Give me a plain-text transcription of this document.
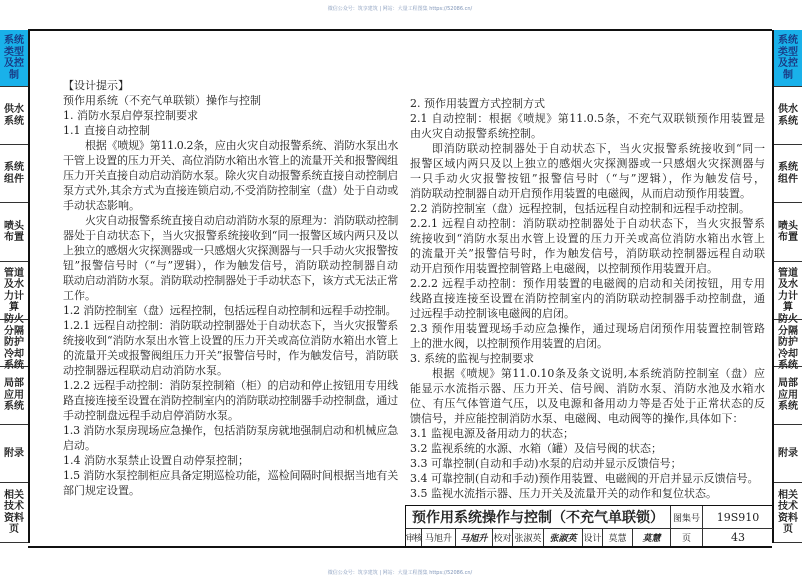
微信公众号：筑享建筑 | 网站：大量工程图集 https://52086.cn/
微信公众号：筑享建筑 | 网站：大量工程图集 https://52086.cn/
系统类型及控制
供水系统
系统组件
喷头布置
管道及水力计算
防火分隔防护冷却系统
局部应用系统
附录
相关技术资料页
系统类型及控制
供水系统
系统组件
喷头布置
管道及水力计算
防火分隔防护冷却系统
局部应用系统
附录
相关技术资料页
【设计提示】
预作用系统（不充气单联锁）操作与控制
1. 消防水泵启停泵控制要求
1.1 直接自动控制
根据《喷规》第11.0.2条，应由火灾自动报警系统、消防水泵出水
干管上设置的压力开关、高位消防水箱出水管上的流量开关和报警阀组
压力开关直接自动启动消防水泵。除火灾自动报警系统直接自动控制启
泵方式外,其余方式为直接连锁启动,不受消防控制室（盘）处于自动或
手动状态影响。
火灾自动报警系统直接自动启动消防水泵的原理为：消防联动控制
器处于自动状态下，当火灾报警系统接收到“同一报警区域内两只及以
上独立的感烟火灾探测器或一只感烟火灾探测器与一只手动火灾报警按
钮”报警信号时（“与”逻辑），作为触发信号，消防联动控制器自动
联动启动消防水泵。消防联动控制器处于手动状态下，该方式无法正常
工作。
1.2 消防控制室（盘）远程控制，包括远程自动控制和远程手动控制。
1.2.1 远程自动控制：消防联动控制器处于自动状态下，当火灾报警系
统接收到“消防水泵出水管上设置的压力开关或高位消防水箱出水管上
的流量开关或报警阀组压力开关”报警信号时，作为触发信号，消防联
动控制器远程联动启动消防水泵。
1.2.2 远程手动控制：消防泵控制箱（柜）的启动和停止按钮用专用线
路直接连接至设置在消防控制室内的消防联动控制器手动控制盘，通过
手动控制盘远程手动启停消防水泵。
1.3 消防水泵房现场应急操作，包括消防泵房就地强制启动和机械应急
启动。
1.4 消防水泵禁止设置自动停泵控制；
1.5 消防水泵控制柜应具备定期巡检功能，巡检间隔时间根据当地有关
部门规定设置。
2. 预作用装置方式控制方式
2.1 自动控制：根据《喷规》第11.0.5条，不充气双联锁预作用装置是
由火灾自动报警系统控制。
即消防联动控制器处于自动状态下，当火灾报警系统接收到“同一
报警区域内两只及以上独立的感烟火灾探测器或一只感烟火灾探测器与
一只手动火灾报警按钮”报警信号时（“与”逻辑），作为触发信号，
消防联动控制器自动开启预作用装置的电磁阀，从而启动预作用装置。
2.2 消防控制室（盘）远程控制，包括远程自动控制和远程手动控制。
2.2.1 远程自动控制：消防联动控制器处于自动状态下，当火灾报警系
统接收到“消防水泵出水管上设置的压力开关或高位消防水箱出水管上
的流量开关”报警信号时，作为触发信号，消防联动控制器远程自动联
动开启预作用装置控制管路上电磁阀，以控制预作用装置开启。
2.2.2 远程手动控制：预作用装置的电磁阀的启动和关闭按钮，用专用
线路直接连接至设置在消防控制室内的消防联动控制器手动控制盘，通
过远程手动控制该电磁阀的启闭。
2.3 预作用装置现场手动应急操作，通过现场启闭预作用装置控制管路
上的泄水阀，以控制预作用装置的启闭。
3. 系统的监视与控制要求
根据《喷规》第11.0.10条及条文说明,本系统消防控制室（盘）应
能显示水流指示器、压力开关、信号阀、消防水泵、消防水池及水箱水
位、有压气体管道气压，以及电源和备用动力等是否处于正常状态的反
馈信号，并应能控制消防水泵、电磁阀、电动阀等的操作,具体如下：
3.1 监视电源及备用动力的状态；
3.2 监视系统的水源、水箱（罐）及信号阀的状态；
3.3 可靠控制(自动和手动)水泵的启动并显示反馈信号；
3.4 可靠控制(自动和手动)预作用装置、电磁阀的开启并显示反馈信号。
3.5 监视水流指示器、压力开关及流量开关的动作和复位状态。
预作用系统操作与控制（不充气单联锁） 图集号	19S910
审核 马旭升 马旭升 校对 张淑英 张淑英 设计 莫慧	莫慧	页	43
